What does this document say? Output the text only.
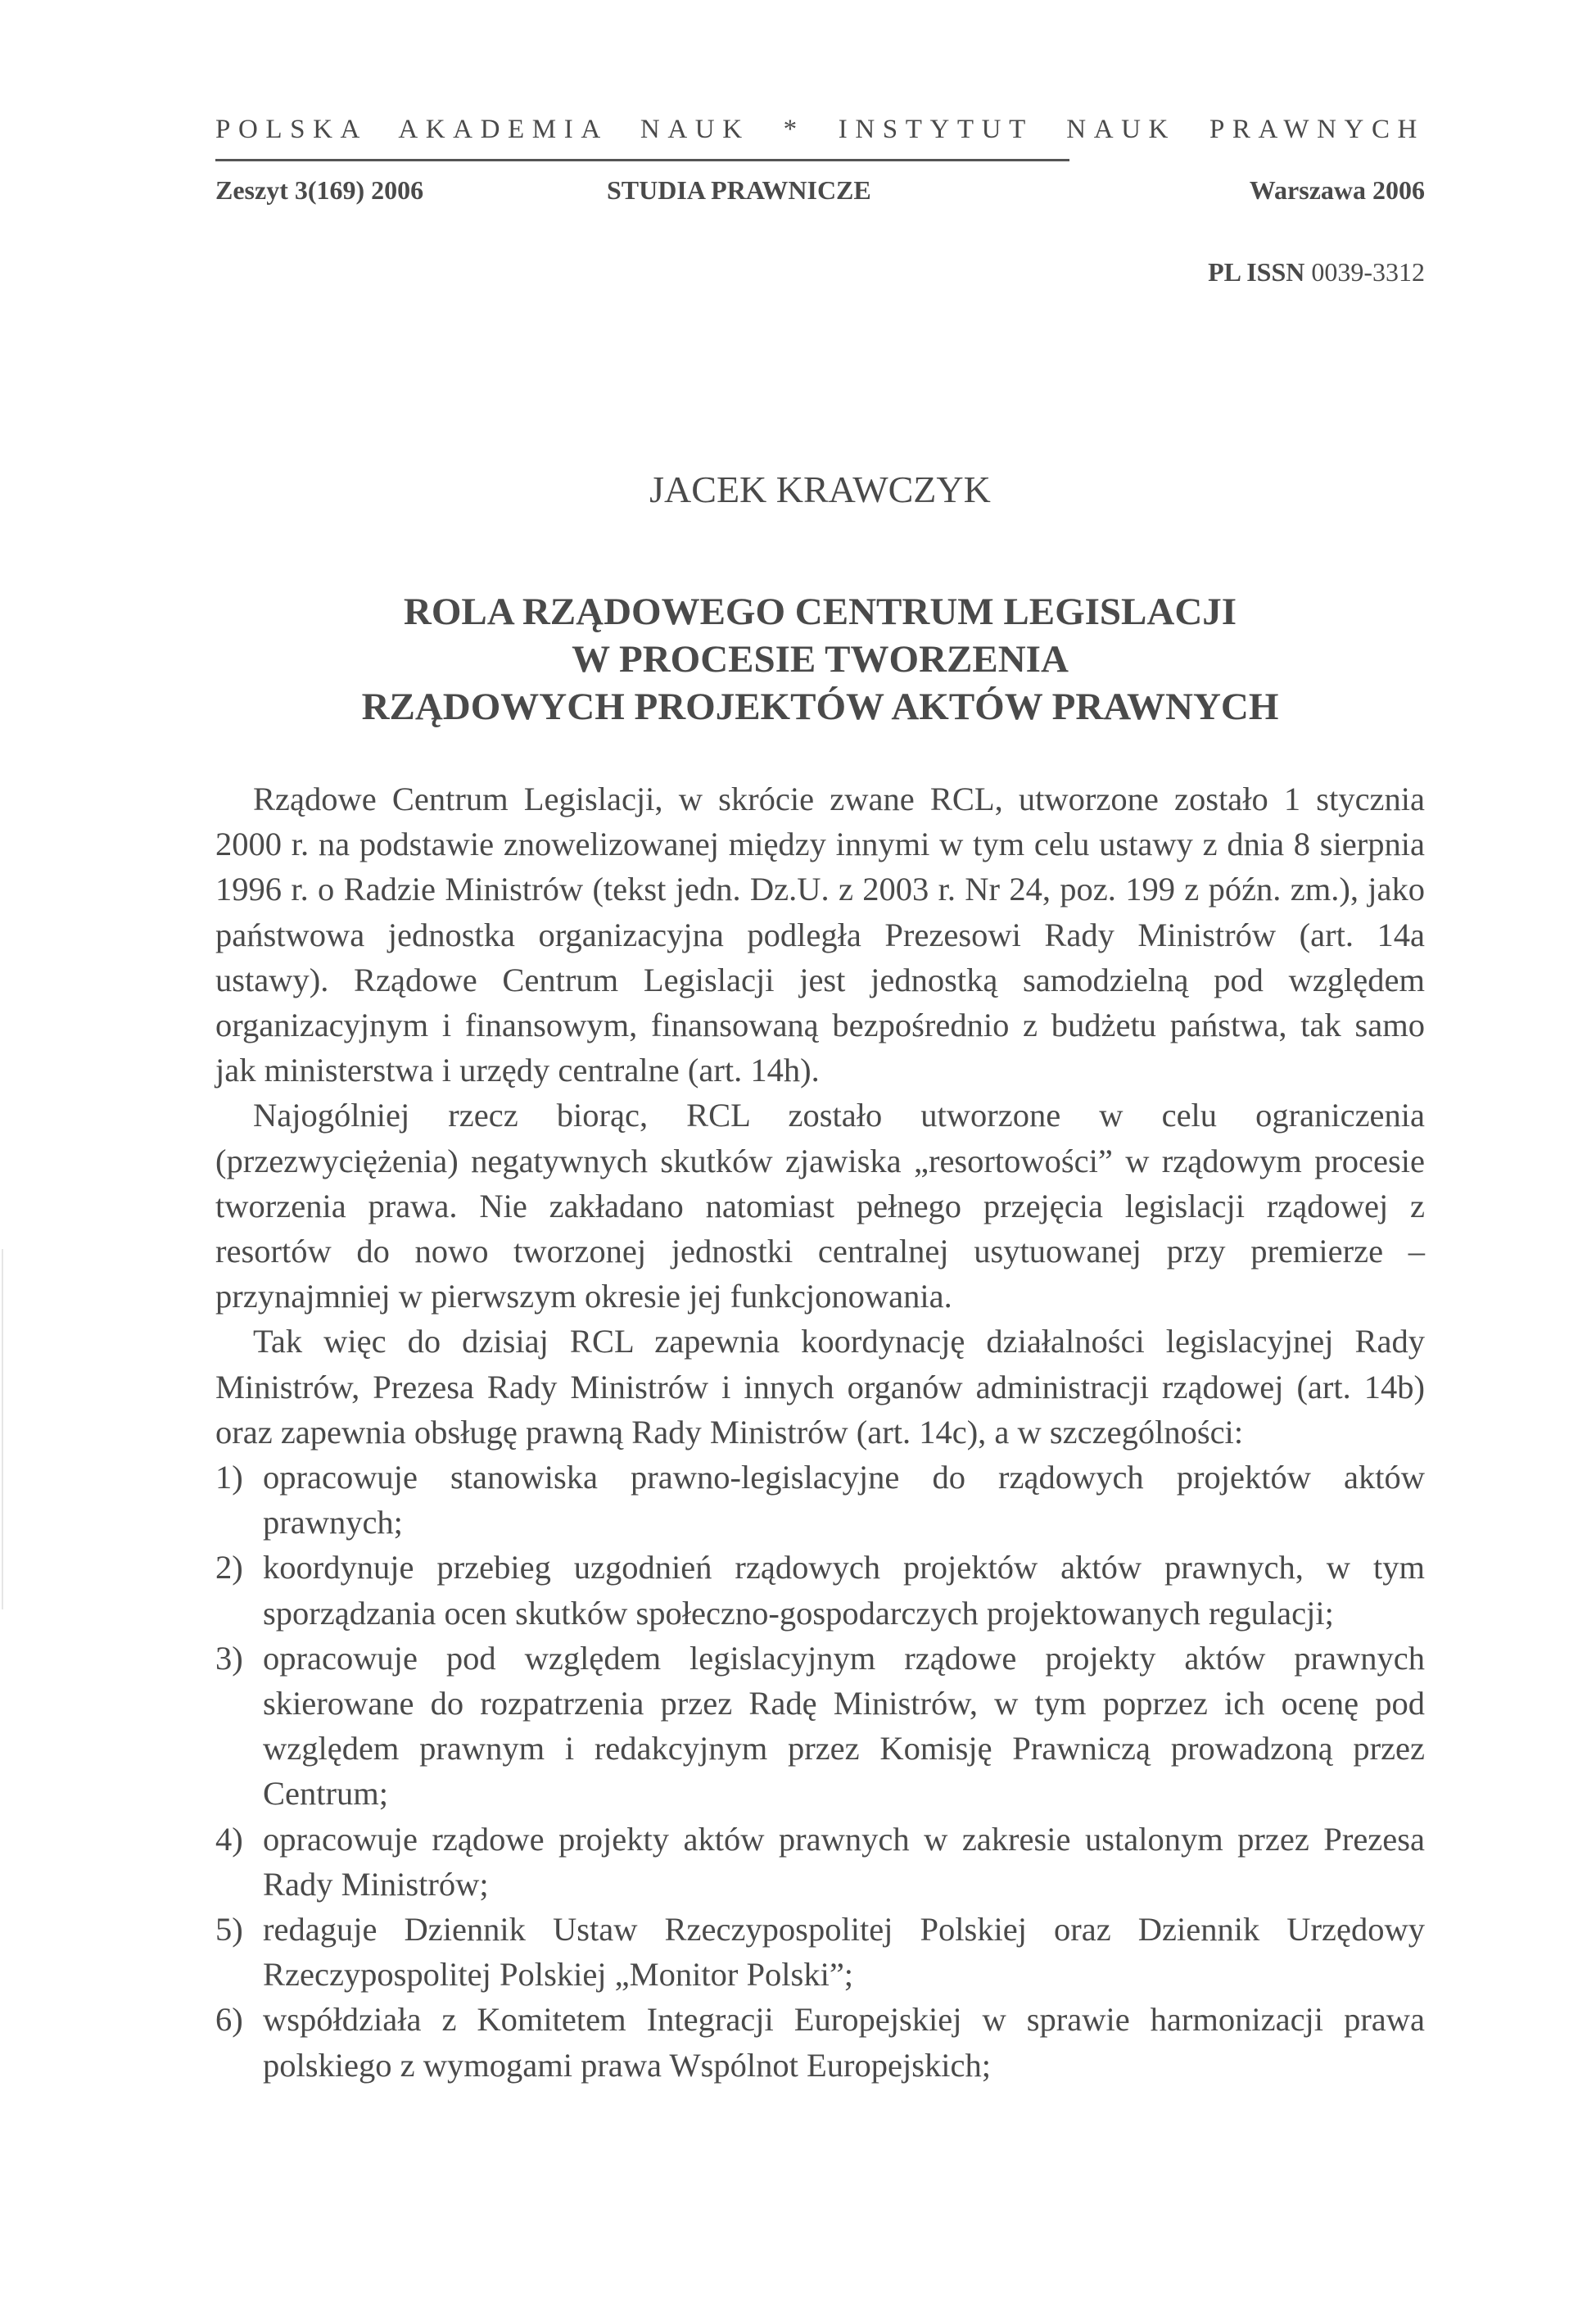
POLSKA AKADEMIA NAUK * INSTYTUT NAUK PRAWNYCH
Zeszyt 3(169) 2006	STUDIA PRAWNICZE	Warszawa 2006
PL ISSN 0039-3312
JACEK KRAWCZYK
ROLA RZĄDOWEGO CENTRUM LEGISLACJI
W PROCESIE TWORZENIA
RZĄDOWYCH PROJEKTÓW AKTÓW PRAWNYCH

Rządowe Centrum Legislacji, w skrócie zwane RCL, utworzone zostało 1 stycznia 2000 r. na podstawie znowelizowanej między innymi w tym celu ustawy z dnia 8 sierpnia 1996 r. o Radzie Ministrów (tekst jedn. Dz.U. z 2003 r. Nr 24, poz. 199 z późn. zm.), jako państwowa jednostka organizacyjna podległa Prezesowi Rady Ministrów (art. 14a ustawy). Rządowe Centrum Legislacji jest jednostką samodzielną pod względem organizacyjnym i finansowym, finansowaną bezpośrednio z budżetu państwa, tak samo jak ministerstwa i urzędy centralne (art. 14h).

Najogólniej rzecz biorąc, RCL zostało utworzone w celu ograniczenia (przezwyciężenia) negatywnych skutków zjawiska „resortowości” w rządowym procesie tworzenia prawa. Nie zakładano natomiast pełnego przejęcia legislacji rządowej z resortów do nowo tworzonej jednostki centralnej usytuowanej przy premierze – przynajmniej w pierwszym okresie jej funkcjonowania.

Tak więc do dzisiaj RCL zapewnia koordynację działalności legislacyjnej Rady Ministrów, Prezesa Rady Ministrów i innych organów administracji rządowej (art. 14b) oraz zapewnia obsługę prawną Rady Ministrów (art. 14c), a w szczególności:

1) opracowuje stanowiska prawno-legislacyjne do rządowych projektów aktów prawnych;
2) koordynuje przebieg uzgodnień rządowych projektów aktów prawnych, w tym sporządzania ocen skutków społeczno-gospodarczych projektowanych regulacji;
3) opracowuje pod względem legislacyjnym rządowe projekty aktów prawnych skierowane do rozpatrzenia przez Radę Ministrów, w tym poprzez ich ocenę pod względem prawnym i redakcyjnym przez Komisję Prawniczą prowadzoną przez Centrum;
4) opracowuje rządowe projekty aktów prawnych w zakresie ustalonym przez Prezesa Rady Ministrów;
5) redaguje Dziennik Ustaw Rzeczypospolitej Polskiej oraz Dziennik Urzędowy Rzeczypospolitej Polskiej „Monitor Polski”;
6) współdziała z Komitetem Integracji Europejskiej w sprawie harmonizacji prawa polskiego z wymogami prawa Wspólnot Europejskich;
